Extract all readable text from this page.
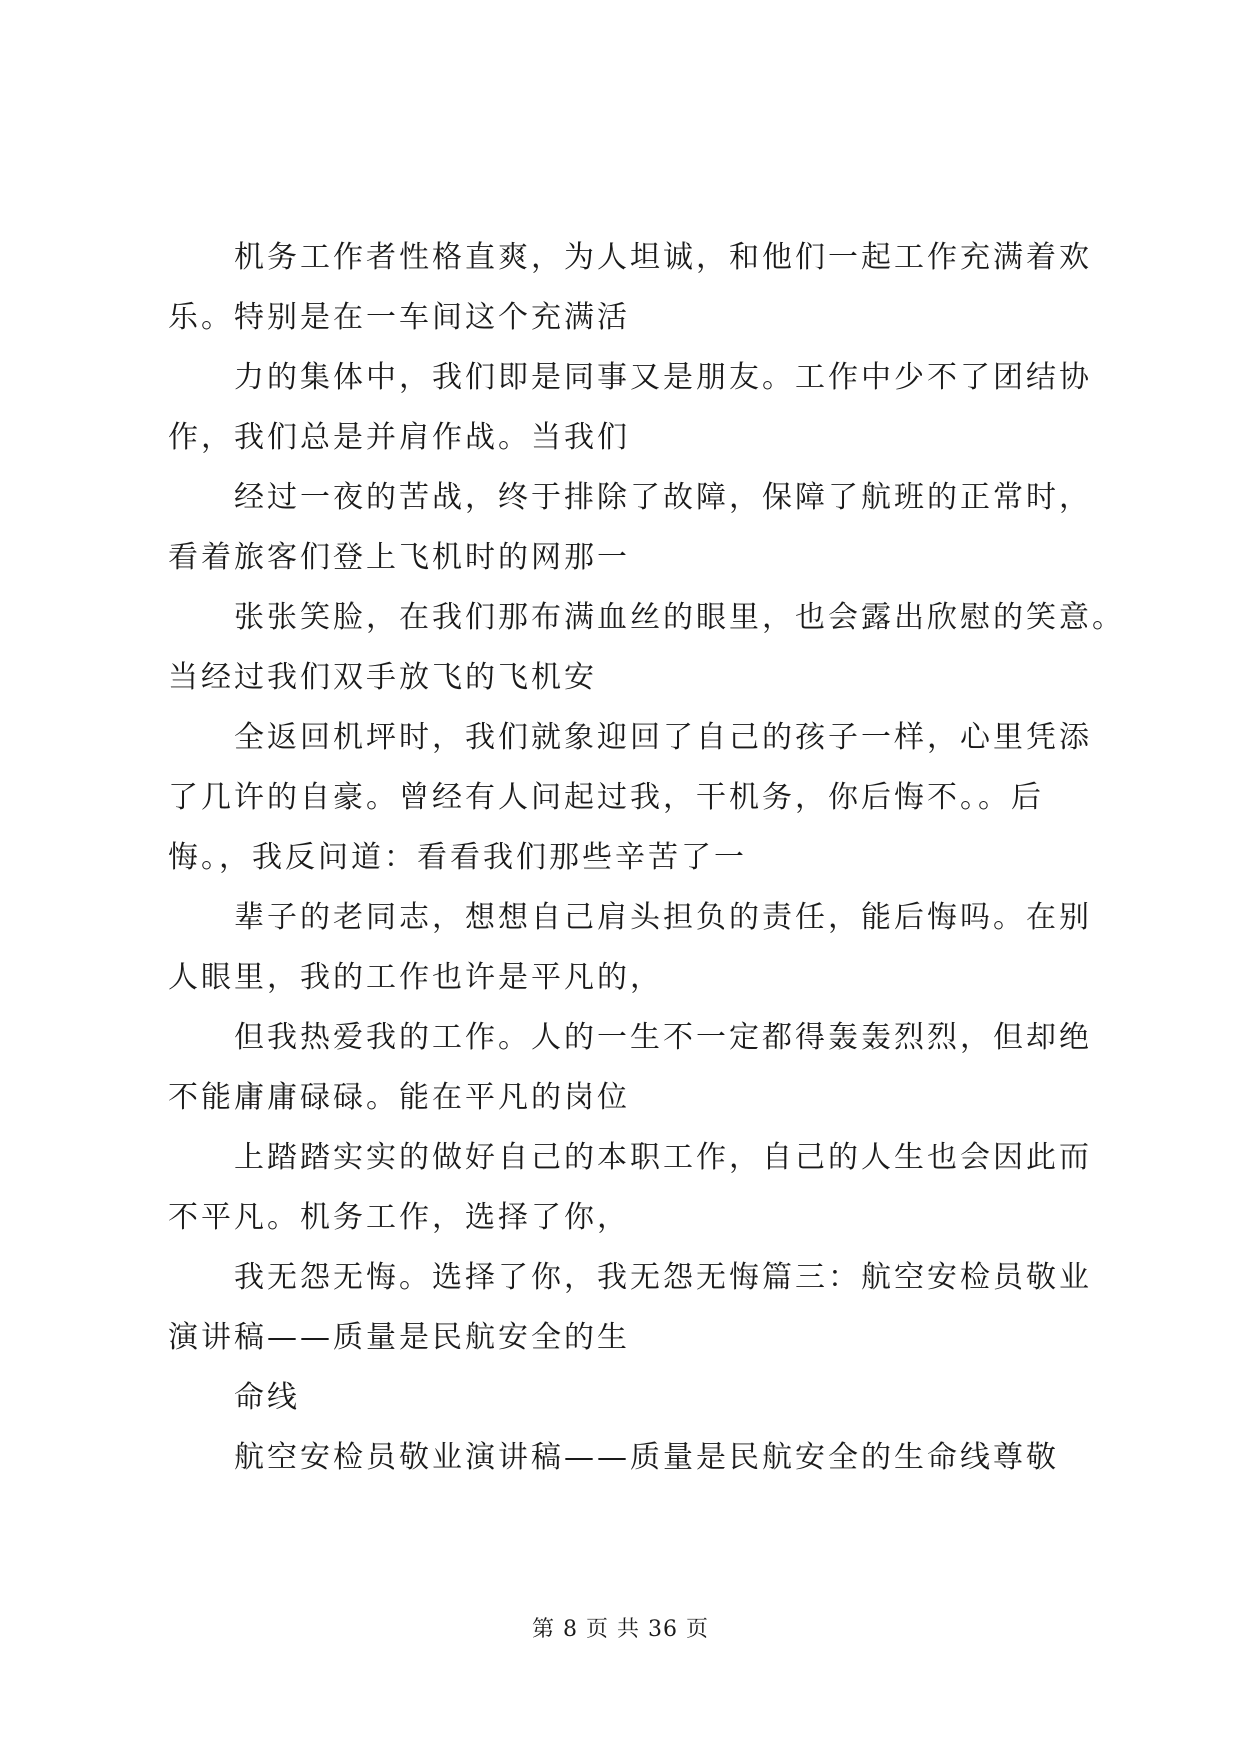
机务工作者性格直爽，为人坦诚，和他们一起工作充满着欢
乐。特别是在一车间这个充满活

力的集体中，我们即是同事又是朋友。工作中少不了团结协
作，我们总是并肩作战。当我们

经过一夜的苦战，终于排除了故障，保障了航班的正常时，
看着旅客们登上飞机时的网那一

张张笑脸，在我们那布满血丝的眼里，也会露出欣慰的笑意。
当经过我们双手放飞的飞机安

全返回机坪时，我们就象迎回了自己的孩子一样，心里凭添
了几许的自豪。曾经有人问起过我，干机务，你后悔不。。后
悔。，我反问道：看看我们那些辛苦了一

辈子的老同志，想想自己肩头担负的责任，能后悔吗。在别
人眼里，我的工作也许是平凡的，

但我热爱我的工作。人的一生不一定都得轰轰烈烈，但却绝
不能庸庸碌碌。能在平凡的岗位

上踏踏实实的做好自己的本职工作，自己的人生也会因此而
不平凡。机务工作，选择了你，

我无怨无悔。选择了你，我无怨无悔篇三：航空安检员敬业
演讲稿——质量是民航安全的生

命线

航空安检员敬业演讲稿——质量是民航安全的生命线尊敬

第 8 页 共 36 页
